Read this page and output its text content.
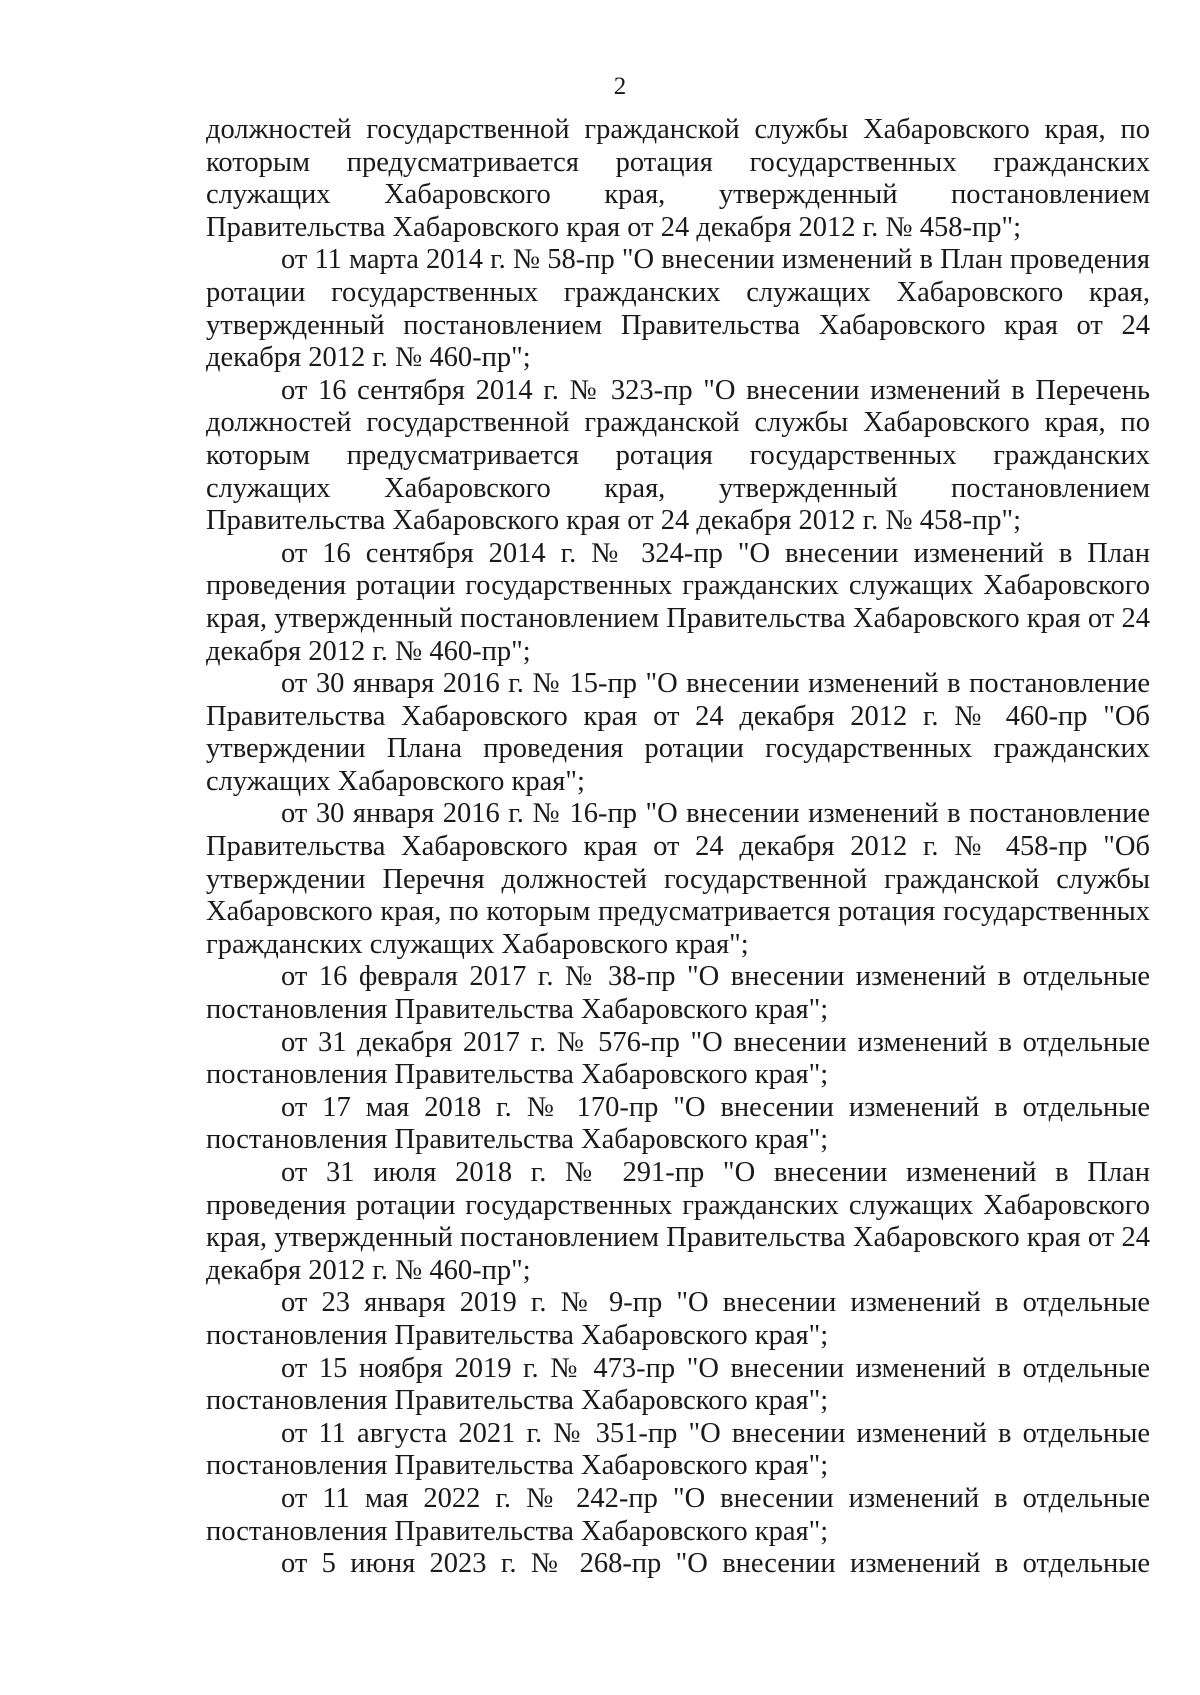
2

должностей государственной гражданской службы Хабаровского края, по которым предусматривается ротация государственных гражданских служащих Хабаровского края, утвержденный постановлением Правительства Хабаровского края от 24 декабря 2012 г. № 458-пр";

от 11 марта 2014 г. № 58-пр "О внесении изменений в План проведения ротации государственных гражданских служащих Хабаровского края, утвержденный постановлением Правительства Хабаровского края от 24 декабря 2012 г. № 460-пр";

от 16 сентября 2014 г. № 323-пр "О внесении изменений в Перечень должностей государственной гражданской службы Хабаровского края, по которым предусматривается ротация государственных гражданских служащих Хабаровского края, утвержденный постановлением Правительства Хабаровского края от 24 декабря 2012 г. № 458-пр";

от 16 сентября 2014 г. № 324-пр "О внесении изменений в План проведения ротации государственных гражданских служащих Хабаровского края, утвержденный постановлением Правительства Хабаровского края от 24 декабря 2012 г. № 460-пр";

от 30 января 2016 г. № 15-пр "О внесении изменений в постановление Правительства Хабаровского края от 24 декабря 2012 г. № 460-пр "Об утверждении Плана проведения ротации государственных гражданских служащих Хабаровского края";

от 30 января 2016 г. № 16-пр "О внесении изменений в постановление Правительства Хабаровского края от 24 декабря 2012 г. № 458-пр "Об утверждении Перечня должностей государственной гражданской службы Хабаровского края, по которым предусматривается ротация государственных гражданских служащих Хабаровского края";

от 16 февраля 2017 г. № 38-пр "О внесении изменений в отдельные постановления Правительства Хабаровского края";

от 31 декабря 2017 г. № 576-пр "О внесении изменений в отдельные постановления Правительства Хабаровского края";

от 17 мая 2018 г. № 170-пр "О внесении изменений в отдельные постановления Правительства Хабаровского края";

от 31 июля 2018 г. № 291-пр "О внесении изменений в План проведения ротации государственных гражданских служащих Хабаровского края, утвержденный постановлением Правительства Хабаровского края от 24 декабря 2012 г. № 460-пр";

от 23 января 2019 г. № 9-пр "О внесении изменений в отдельные постановления Правительства Хабаровского края";

от 15 ноября 2019 г. № 473-пр "О внесении изменений в отдельные постановления Правительства Хабаровского края";

от 11 августа 2021 г. № 351-пр "О внесении изменений в отдельные постановления Правительства Хабаровского края";

от 11 мая 2022 г. № 242-пр "О внесении изменений в отдельные постановления Правительства Хабаровского края";

от 5 июня 2023 г. № 268-пр "О внесении изменений в отдельные
